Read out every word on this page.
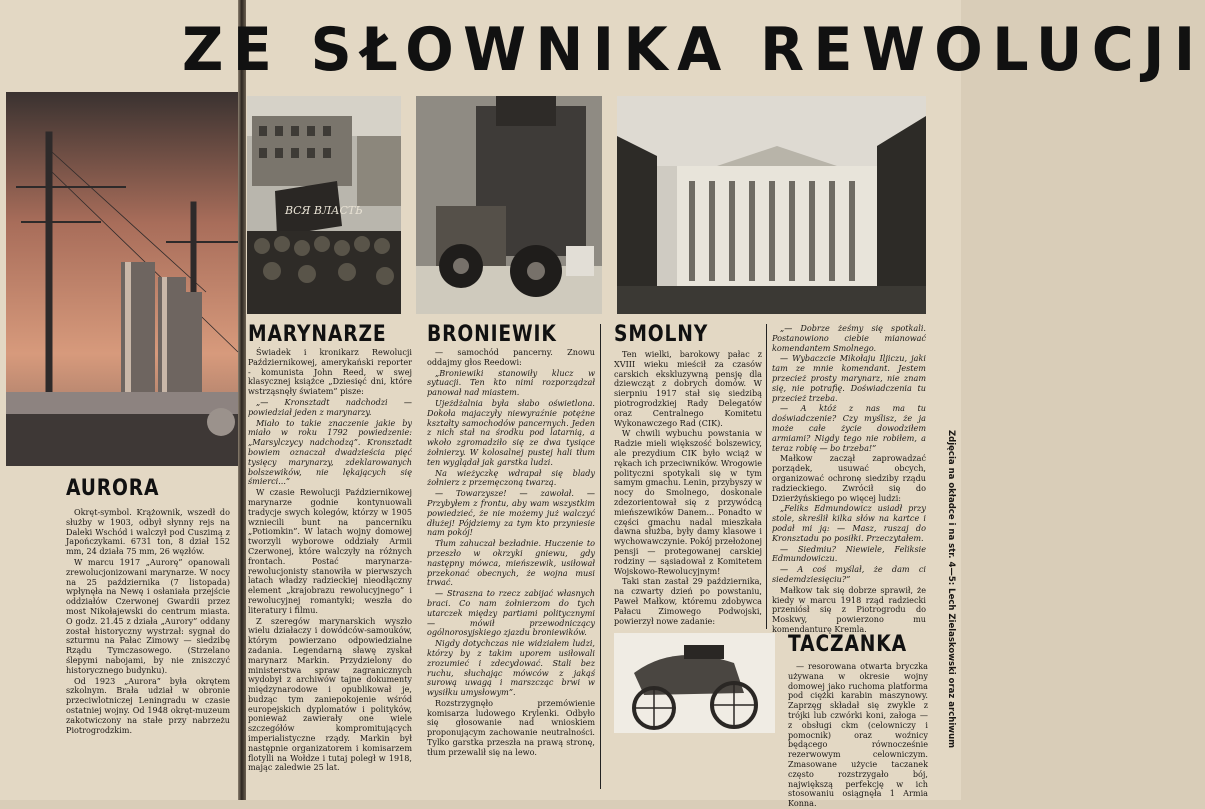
ZE SŁOWNIKA REWOLUCJI
ВСЯ ВЛАСТЬ
AURORA

Okręt-symbol. Krążownik, wszedł do służby w 1903, odbył słynny rejs na Daleki Wschód i walczył pod Cuszimą z Japończykami. 6731 ton, 8 dział 152 mm, 24 działa 75 mm, 26 węzłów.

W marcu 1917 „Aurorę” opanowali zrewolucjonizowani marynarze. W nocy na 25 października (7 listopada) wpłynęła na Newę i osłaniała przejście oddziałów Czerwonej Gwardii przez most Nikołajewski do centrum miasta. O godz. 21.45 z działa „Aurory” oddany został historyczny wystrzał: sygnał do szturmu na Pałac Zimowy — siedzibę Rządu Tymczasowego. (Strzelano ślepymi nabojami, by nie zniszczyć historycznego budynku).

Od 1923 „Aurora” była okrętem szkolnym. Brała udział w obronie przeciwlotniczej Leningradu w czasie ostatniej wojny. Od 1948 okręt-muzeum zakotwiczony na stałe przy nabrzeżu Piotrogrodzkim.

MARYNARZE

Świadek i kronikarz Rewolucji Październikowej, amerykański reporter - komunista John Reed, w swej klasycznej książce „Dziesięć dni, które wstrząsnęły światem” pisze:

„— Kronsztadt nadchodzi — powiedział jeden z marynarzy.

Miało to takie znaczenie jakie by miało w roku 1792 powiedzenie: „Marsylczycy nadchodzą”. Kronsztadt bowiem oznaczał dwadzieścia pięć tysięcy marynarzy, zdeklarowanych bolszewików, nie lękających się śmierci...”

W czasie Rewolucji Październikowej marynarze godnie kontynuowali tradycje swych kolegów, którzy w 1905 wzniecili bunt na pancerniku „Potiomkin”. W latach wojny domowej tworzyli wyborowe oddziały Armii Czerwonej, które walczyły na różnych frontach. Postać marynarza-rewolucjonisty stanowiła w pierwszych latach władzy radzieckiej nieodłączny element „krajobrazu rewolucyjnego” i rewolucyjnej romantyki; weszła do literatury i filmu.

Z szeregów marynarskich wyszło wielu działaczy i dowódców-samouków, którym powierzano odpowiedzialne zadania. Legendarną sławę zyskał marynarz Markin. Przydzielony do ministerstwa spraw zagranicznych wydobył z archiwów tajne dokumenty międzynarodowe i opublikował je, budząc tym zaniepokojenie wśród europejskich dyplomatów i polityków, ponieważ zawierały one wiele szczegółów kompromitujących imperialistyczne rządy. Markin był następnie organizatorem i komisarzem flotylli na Wołdze i tutaj poległ w 1918, mając zaledwie 25 lat.

BRONIEWIK

— samochód pancerny. Znowu oddajmy głos Reedowi:

„Broniewiki stanowiły klucz w sytuacji. Ten kto nimi rozporządzał panował nad miastem.

Ujeżdżalnia była słabo oświetlona. Dokoła majaczyły niewyraźnie potężne kształty samochodów pancernych. Jeden z nich stał na środku pod latarnią, a wkoło zgromadziło się ze dwa tysiące żołnierzy. W kolosalnej pustej hali tłum ten wyglądał jak garstka ludzi.

Na wieżyczkę wdrapał się blady żołnierz z przemęczoną twarzą.

— Towarzysze! — zawołał. — Przybyłem z frontu, aby wam wszystkim powiedzieć, że nie możemy już walczyć dłużej! Pójdziemy za tym kto przyniesie nam pokój!

Tłum zahuczał bezładnie. Huczenie to przeszło w okrzyki gniewu, gdy następny mówca, mieńszewik, usiłował przekonać obecnych, że wojna musi trwać.

— Straszna to rzecz zabijać własnych braci. Co nam żołnierzom do tych utarczek między partiami politycznymi — mówił przewodniczący ogólnorosyjskiego zjazdu broniewików.

Nigdy dotychczas nie widziałem ludzi, którzy by z takim uporem usiłowali zrozumieć i zdecydować. Stali bez ruchu, słuchając mówców z jakąś surową uwagą i marszcząc brwi w wysiłku umysłowym”.

Rozstrzygnęło przemówienie komisarza ludowego Krylenki. Odbyło się głosowanie nad wnioskiem proponującym zachowanie neutralności. Tylko garstka przeszła na prawą stronę, tłum przewalił się na lewo.

SMOLNY

Ten wielki, barokowy pałac z XVIII wieku mieścił za czasów carskich ekskluzywną pensję dla dziewcząt z dobrych domów. W sierpniu 1917 stał się siedzibą piotrogrodzkiej Rady Delegatów oraz Centralnego Komitetu Wykonawczego Rad (CIK).

W chwili wybuchu powstania w Radzie mieli większość bolszewicy, ale prezydium CIK było wciąż w rękach ich przeciwników. Wrogowie polityczni spotykali się w tym samym gmachu. Lenin, przybyszy w nocy do Smolnego, doskonale zdezorientował się z przywódcą mieńszewików Danem... Ponadto w części gmachu nadal mieszkała dawna służba, były damy klasowe i wychowawczynie. Pokój przełożonej pensji — protegowanej carskiej rodziny — sąsiadował z Komitetem Wojskowo-Rewolucyjnym!

Taki stan zastał 29 października, na czwarty dzień po powstaniu, Paweł Małkow, któremu zdobywca Pałacu Zimowego Podwojski, powierzył nowe zadanie:

„— Dobrze żeśmy się spotkali. Postanowiono ciebie mianować komendantem Smolnego.

— Wybaczcie Mikołaju Iljiczu, jaki tam ze mnie komendant. Jestem przecież prosty marynarz, nie znam się, nie potrafię. Doświadczenia tu przecież trzeba.

— A któż z nas ma tu doświadczenie? Czy myślisz, że ja może całe życie dowodziłem armiami? Nigdy tego nie robiłem, a teraz robię — bo trzeba!”

Małkow zaczął zaprowadzać porządek, usuwać obcych, organizować ochronę siedziby rządu radzieckiego. Zwrócił się do Dzierżyńskiego po więcej ludzi:

„Feliks Edmundowicz usiadł przy stole, skreślił kilka słów na kartce i podał mi ją: — Masz, ruszaj do Kronsztadu po posiłki. Przeczytałem.

— Siedmiu? Niewiele, Feliksie Edmundowiczu.

— A coś myślał, że dam ci siedemdziesięciu?”

Małkow tak się dobrze sprawił, że kiedy w marcu 1918 rząd radziecki przeniósł się z Piotrogrodu do Moskwy, powierzono mu komendanturę Kremla.

TACZANKA

— resorowana otwarta bryczka używana w okresie wojny domowej jako ruchoma platforma pod ciężki karabin maszynowy. Zaprzęg składał się zwykle z trójki lub czwórki koni, załoga — z obsługi ckm (celowniczy i pomocnik) oraz woźnicy będącego równocześnie rezerwowym celowniczym. Zmasowane użycie taczanek często rozstrzygało bój, największą perfekcję w ich stosowaniu osiągnęła 1 Armia Konna.

Zdjęcia na okładce i na str. 4—5: Lech Zielaskowski oraz archiwum
